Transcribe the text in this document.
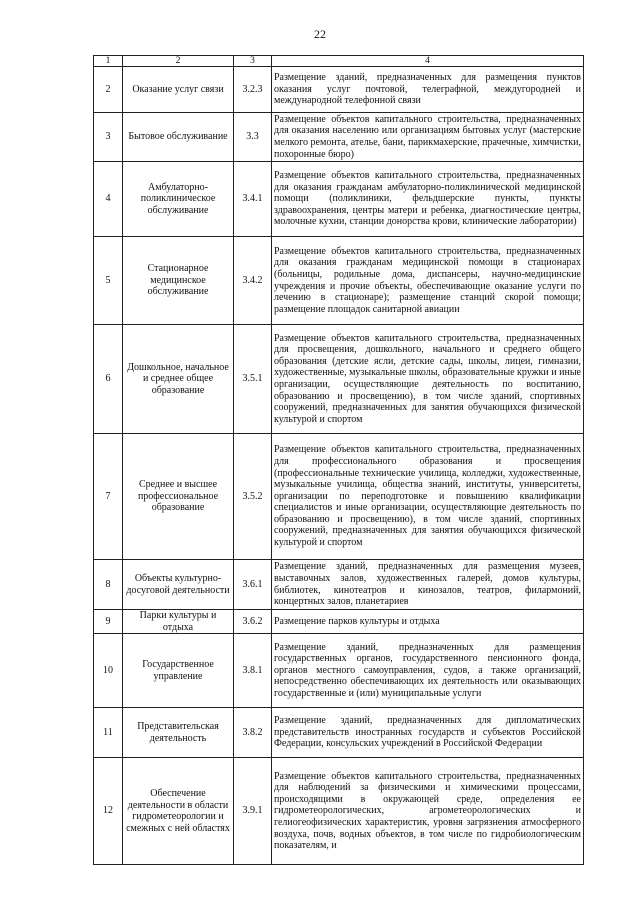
22
1	2	3	4
2	Оказание услуг связи	3.2.3	Размещение зданий, предназначенных для размещения пунктов оказания услуг почтовой, телеграфной, междугородней и международной телефонной связи
3	Бытовое обслуживание	3.3	Размещение объектов капитального строительства, предназначенных для оказания населению или организациям бытовых услуг (мастерские мелкого ремонта, ателье, бани, парикмахерские, прачечные, химчистки, похоронные бюро)
4	Амбулаторно-поликлиническое обслуживание	3.4.1	Размещение объектов капитального строительства, предназначенных для оказания гражданам амбулаторно-поликлинической медицинской помощи (поликлиники, фельдшерские пункты, пункты здравоохранения, центры матери и ребенка, диагностические центры, молочные кухни, станции донорства крови, клинические лаборатории)
5	Стационарное медицинское обслуживание	3.4.2	Размещение объектов капитального строительства, предназначенных для оказания гражданам медицинской помощи в стационарах (больницы, родильные дома, диспансеры, научно-медицинские учреждения и прочие объекты, обеспечивающие оказание услуги по лечению в стационаре); размещение станций скорой помощи; размещение площадок санитарной авиации
6	Дошкольное, начальное и среднее общее образование	3.5.1	Размещение объектов капитального строительства, предназначенных для просвещения, дошкольного, начального и среднего общего образования (детские ясли, детские сады, школы, лицеи, гимназии, художественные, музыкальные школы, образовательные кружки и иные организации, осуществляющие деятельность по воспитанию, образованию и просвещению), в том числе зданий, спортивных сооружений, предназначенных для занятия обучающихся физической культурой и спортом
7	Среднее и высшее профессиональное образование	3.5.2	Размещение объектов капитального строительства, предназначенных для профессионального образования и просвещения (профессиональные технические училища, колледжи, художественные, музыкальные училища, общества знаний, институты, университеты, организации по переподготовке и повышению квалификации специалистов и иные организации, осуществляющие деятельность по образованию и просвещению), в том числе зданий, спортивных сооружений, предназначенных для занятия обучающихся физической культурой и спортом
8	Объекты культурно-досуговой деятельности	3.6.1	Размещение зданий, предназначенных для размещения музеев, выставочных залов, художественных галерей, домов культуры, библиотек, кинотеатров и кинозалов, театров, филармоний, концертных залов, планетариев
9	Парки культуры и отдыха	3.6.2	Размещение парков культуры и отдыха
10	Государственное управление	3.8.1	Размещение зданий, предназначенных для размещения государственных органов, государственного пенсионного фонда, органов местного самоуправления, судов, а также организаций, непосредственно обеспечивающих их деятельность или оказывающих государственные и (или) муниципальные услуги
11	Представительская деятельность	3.8.2	Размещение зданий, предназначенных для дипломатических представительств иностранных государств и субъектов Российской Федерации, консульских учреждений в Российской Федерации
12	Обеспечение деятельности в области гидрометеорологии и смежных с ней областях	3.9.1	Размещение объектов капитального строительства, предназначенных для наблюдений за физическими и химическими процессами, происходящими в окружающей среде, определения ее гидрометеорологических, агрометеорологических и гелиогеофизических характеристик, уровня загрязнения атмосферного воздуха, почв, водных объектов, в том числе по гидробиологическим показателям, и
